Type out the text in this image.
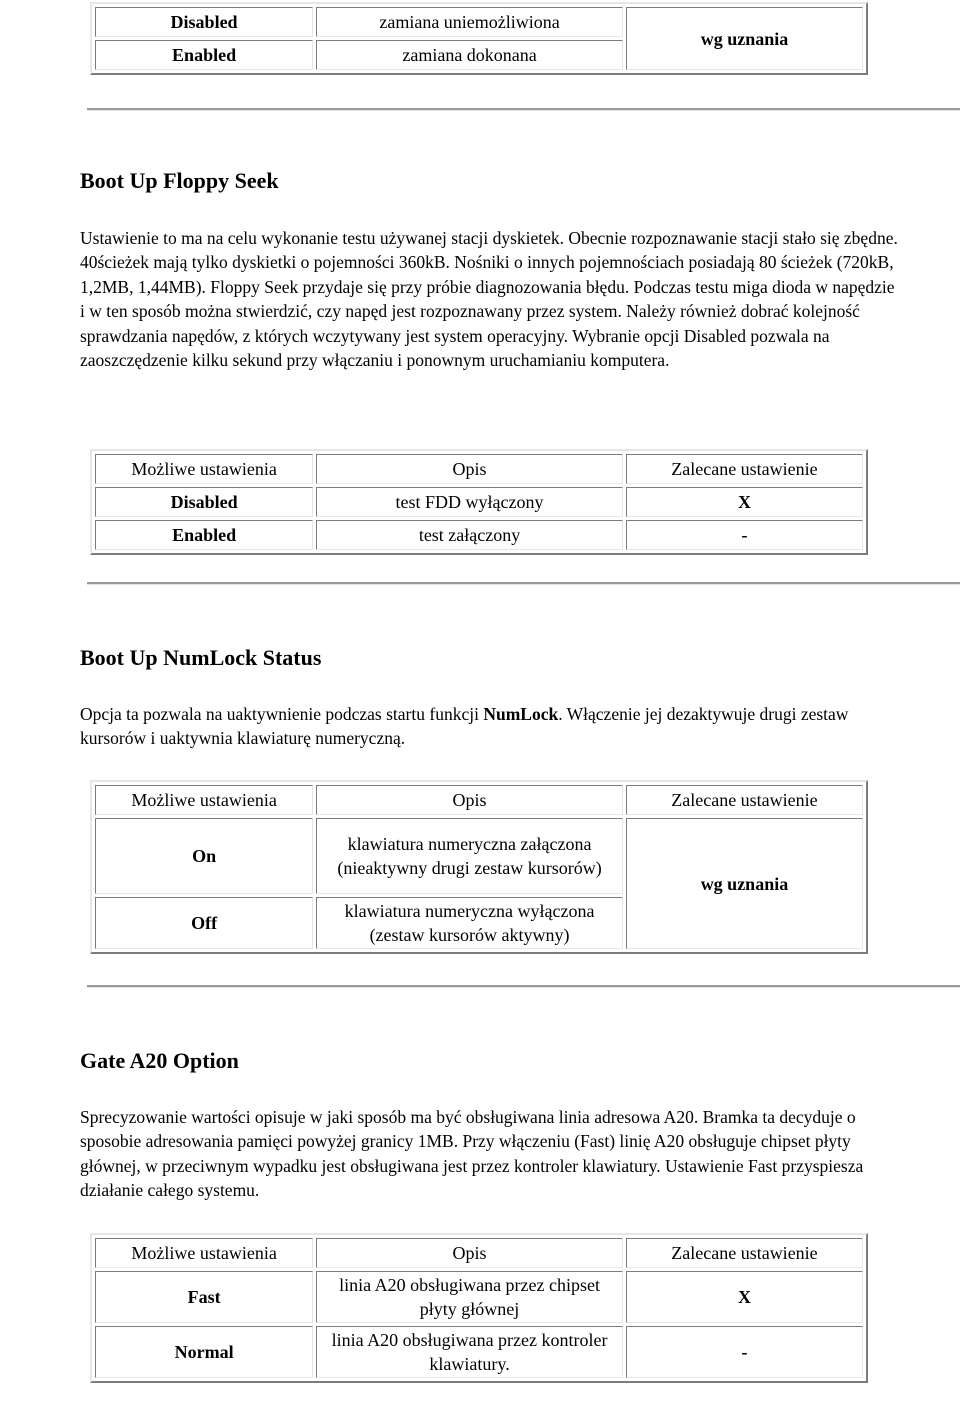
Disabled	zamiana uniemożliwiona	wg uznania
Enabled	zamiana dokonana	
Boot Up Floppy Seek

Ustawienie to ma na celu wykonanie testu używanej stacji dyskietek. Obecnie rozpoznawanie stacji stało się zbędne. 40ścieżek mają tylko dyskietki o pojemności 360kB. Nośniki o innych pojemnościach posiadają 80 ścieżek (720kB, 1,2MB, 1,44MB). Floppy Seek przydaje się przy próbie diagnozowania błędu. Podczas testu miga dioda w napędzie i w ten sposób można stwierdzić, czy napęd jest rozpoznawany przez system. Należy również dobrać kolejność sprawdzania napędów, z których wczytywany jest system operacyjny. Wybranie opcji Disabled pozwala na zaoszczędzenie kilku sekund przy włączaniu i ponownym uruchamianiu komputera.

Możliwe ustawienia	Opis	Zalecane ustawienie
Disabled	test FDD wyłączony	X
Enabled	test załączony	-
Boot Up NumLock Status

Opcja ta pozwala na uaktywnienie podczas startu funkcji NumLock. Włączenie jej dezaktywuje drugi zestaw kursorów i uaktywnia klawiaturę numeryczną.

Możliwe ustawienia	Opis	Zalecane ustawienie
On	klawiatura numeryczna załączona (nieaktywny drugi zestaw kursorów)	wg uznania
Off	klawiatura numeryczna wyłączona (zestaw kursorów aktywny)	
Gate A20 Option

Sprecyzowanie wartości opisuje w jaki sposób ma być obsługiwana linia adresowa A20. Bramka ta decyduje o sposobie adresowania pamięci powyżej granicy 1MB. Przy włączeniu (Fast) linię A20 obsługuje chipset płyty głównej, w przeciwnym wypadku jest obsługiwana jest przez kontroler klawiatury. Ustawienie Fast przyspiesza działanie całego systemu.

Możliwe ustawienia	Opis	Zalecane ustawienie
Fast	linia A20 obsługiwana przez chipset płyty głównej	X
Normal	linia A20 obsługiwana przez kontroler klawiatury.	-
